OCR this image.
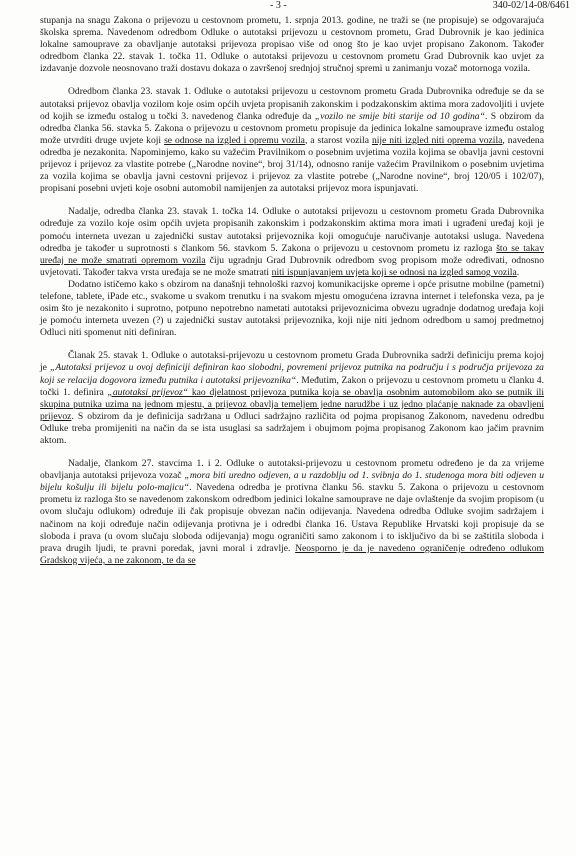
- 3 -	340-02/14-08/6461

stupanja na snagu Zakona o prijevozu u cestovnom prometu, 1. srpnja 2013. godine, ne traži se (ne propisuje) se odgovarajuća školska sprema. Navedenom odredbom Odluke o autotaksi prijevozu u cestovnom prometu, Grad Dubrovnik je kao jedinica lokalne samouprave za obavljanje autotaksi prijevoza propisao više od onog što je kao uvjet propisano Zakonom. Također odredbom članka 22. stavak 1. točka 11. Odluke o autotaksi prijevozu u cestovnom prometu Grad Dubrovnik kao uvjet za izdavanje dozvole neosnovano traži dostavu dokaza o završenoj srednjoj stručnoj spremi u zanimanju vozač motornoga vozila.

Odredbom članka 23. stavak 1. Odluke o autotaksi prijevozu u cestovnom prometu Grada Dubrovnika određuje se da se autotaksi prijevoz obavlja vozilom koje osim općih uvjeta propisanih zakonskim i podzakonskim aktima mora zadovoljiti i uvjete od kojih se između ostalog u točki 3. navedenog članka određuje da „vozilo ne smije biti starije od 10 godina“. S obzirom da odredba članka 56. stavka 5. Zakona o prijevozu u cestovnom prometu propisuje da jedinica lokalne samouprave između ostalog može utvrditi druge uvjete koji se odnose na izgled i opremu vozila, a starost vozila nije niti izgled niti oprema vozila, navedena odredba je nezakonita. Napominjemo, kako su važećim Pravilnikom o posebnim uvjetima vozila kojima se obavlja javni cestovni prijevoz i prijevoz za vlastite potrebe („Narodne novine“, broj 31/14), odnosno ranije važećim Pravilnikom o posebnim uvjetima za vozila kojima se obavlja javni cestovni prijevoz i prijevoz za vlastite potrebe („Narodne novine“, broj 120/05 i 102/07), propisani posebni uvjeti koje osobni automobil namijenjen za autotaksi prijevoz mora ispunjavati.

Nadalje, odredba članka 23. stavak 1. točka 14. Odluke o autotaksi prijevozu u cestovnom prometu Grada Dubrovnika određuje za vozilo koje osim općih uvjeta propisanih zakonskim i podzakonskim aktima mora imati i ugrađeni uređaj koji je pomoću interneta uvezan u zajednički sustav autotaksi prijevoznika koji omogućuje naručivanje autotaksi usluga. Navedena odredba je također u suprotnosti s člankom 56. stavkom 5. Zakona o prijevozu u cestovnom prometu iz razloga što se takav uređaj ne može smatrati opremom vozila čiju ugradnju Grad Dubrovnik odredbom svog propisom može određivati, odnosno uvjetovati. Također takva vrsta uređaja se ne može smatrati niti ispunjavanjem uvjeta koji se odnosi na izgled samog vozila.

Dodatno ističemo kako s obzirom na današnji tehnološki razvoj komunikacijske opreme i opće prisutne mobilne (pametni) telefone, tablete, iPade etc., svakome u svakom trenutku i na svakom mjestu omogućena izravna internet i telefonska veza, pa je osim što je nezakonito i suprotno, potpuno nepotrebno nametati autotaksi prijevoznicima obvezu ugradnje dodatnog uređaja koji je pomoću interneta uvezen (?) u zajednički sustav autotaksi prijevoznika, koji nije niti jednom odredbom u samoj predmetnoj Odluci niti spomenut niti definiran.

Članak 25. stavak 1. Odluke o autotaksi-prijevozu u cestovnom prometu Grada Dubrovnika sadrži definiciju prema kojoj je „Autotaksi prijevoz u ovoj definiciji definiran kao slobodni, povremeni prijevoz putnika na području i s područja prijevoza za koji se relacija dogovora između putnika i autotaksi prijevoznika“. Međutim, Zakon o prijevozu u cestovnom prometu u članku 4. točki 1. definira „autotaksi prijevoz“ kao djelatnost prijevoza putnika koja se obavlja osobnim automobilom ako se putnik ili skupina putnika uzima na jednom mjestu, a prijevoz obavlja temeljem jedne narudžbe i uz jedno plaćanje naknade za obavljeni prijevoz. S obzirom da je definicija sadržana u Odluci sadržajno različita od pojma propisanog Zakonom, navedenu odredbu Odluke treba promijeniti na način da se ista usuglasi sa sadržajem i obujmom pojma propisanog Zakonom kao jačim pravnim aktom.

Nadalje, člankom 27. stavcima 1. i 2. Odluke o autotaksi-prijevozu u cestovnom prometu određeno je da za vrijeme obavljanja autotaksi prijevoza vozač „mora biti uredno odjeven, a u razdoblju od 1. svibnja do 1. studenoga mora biti odjeven u bijelu košulju ili bijelu polo-majicu“. Navedena odredba je protivna članku 56. stavku 5. Zakona o prijevozu u cestovnom prometu iz razloga što se navedenom zakonskom odredbom jedinici lokalne samouprave ne daje ovlaštenje da svojim propisom (u ovom slučaju odlukom) određuje ili čak propisuje obvezan način odijevanja. Navedena odredba Odluke svojim sadržajem i načinom na koji određuje način odijevanja protivna je i odredbi članka 16. Ustava Republike Hrvatski koji propisuje da se sloboda i prava (u ovom slučaju sloboda odijevanja) mogu ograničiti samo zakonom i to isključivo da bi se zaštitila sloboda i prava drugih ljudi, te pravni poredak, javni moral i zdravlje. Neosporno je da je navedeno ograničenje određeno odlukom Gradskog vijeća, a ne zakonom, te da se
